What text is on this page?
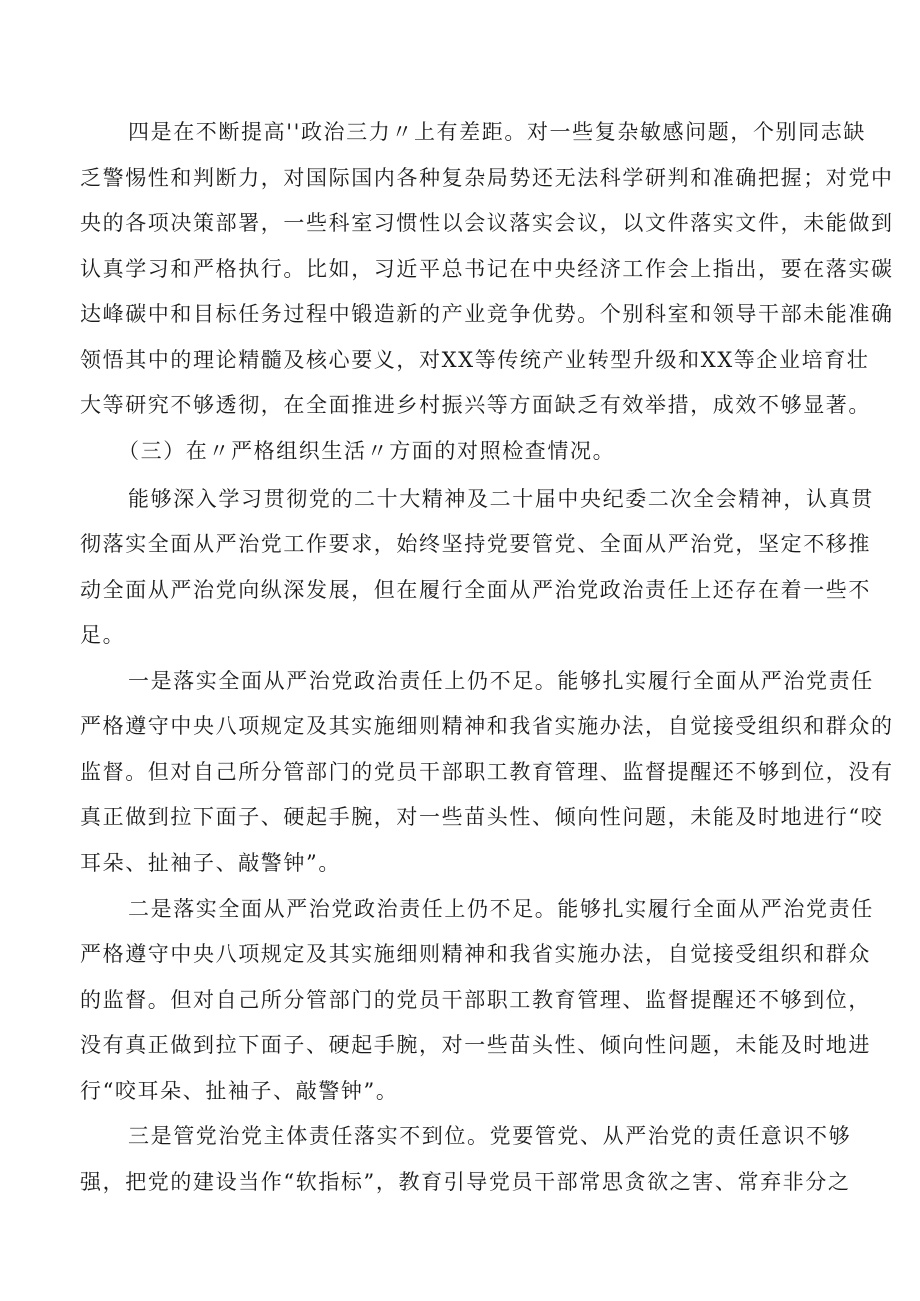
四是在不断提高''政治三力〃上有差距。对一些复杂敏感问题，个别同志缺
乏警惕性和判断力，对国际国内各种复杂局势还无法科学研判和准确把握；对党中
央的各项决策部署，一些科室习惯性以会议落实会议，以文件落实文件，未能做到
认真学习和严格执行。比如，习近平总书记在中央经济工作会上指出，要在落实碳
达峰碳中和目标任务过程中锻造新的产业竞争优势。个别科室和领导干部未能准确
领悟其中的理论精髓及核心要义，对XX等传统产业转型升级和XX等企业培育壮
大等研究不够透彻，在全面推进乡村振兴等方面缺乏有效举措，成效不够显著。
（三）在〃严格组织生活〃方面的对照检查情况。
能够深入学习贯彻党的二十大精神及二十届中央纪委二次全会精神，认真贯
彻落实全面从严治党工作要求，始终坚持党要管党、全面从严治党，坚定不移推
动全面从严治党向纵深发展，但在履行全面从严治党政治责任上还存在着一些不
足。
一是落实全面从严治党政治责任上仍不足。能够扎实履行全面从严治党责任
严格遵守中央八项规定及其实施细则精神和我省实施办法，自觉接受组织和群众的
监督。但对自己所分管部门的党员干部职工教育管理、监督提醒还不够到位，没有
真正做到拉下面子、硬起手腕，对一些苗头性、倾向性问题，未能及时地进行“咬
耳朵、扯袖子、敲警钟”。
二是落实全面从严治党政治责任上仍不足。能够扎实履行全面从严治党责任
严格遵守中央八项规定及其实施细则精神和我省实施办法，自觉接受组织和群众
的监督。但对自己所分管部门的党员干部职工教育管理、监督提醒还不够到位，
没有真正做到拉下面子、硬起手腕，对一些苗头性、倾向性问题，未能及时地进
行“咬耳朵、扯袖子、敲警钟”。
三是管党治党主体责任落实不到位。党要管党、从严治党的责任意识不够
强，把党的建设当作“软指标”，教育引导党员干部常思贪欲之害、常弃非分之
